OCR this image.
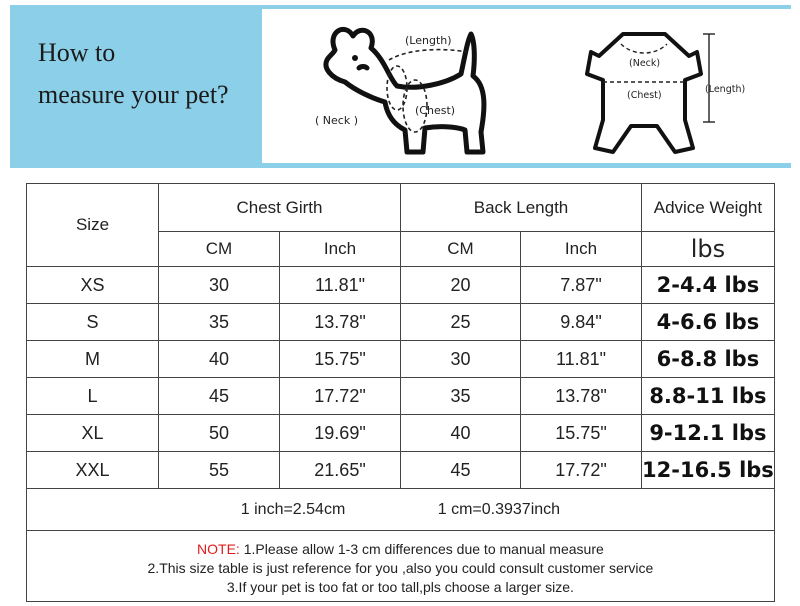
How to
measure your pet?
(Length)
(Chest)
( Neck )
(Neck)
(Chest)
(Length)
Size	Chest Girth		Back Length		Advice Weight
	CM	Inch	CM	Inch	lbs
XS	30	11.81"	20	7.87"	2-4.4 lbs
S	35	13.78"	25	9.84"	4-6.6 lbs
M	40	15.75"	30	11.81"	6-8.8 lbs
L	45	17.72"	35	13.78"	8.8-11 lbs
XL	50	19.69"	40	15.75"	9-12.1 lbs
XXL	55	21.65"	45	17.72"	12-16.5 lbs
1 inch=2.54cm 1 cm=0.3937inch					

NOTE: 1.Please allow 1-3 cm differences due to manual measure
2.This size table is just reference for you ,also you could consult customer service
3.If your pet is too fat or too tall,pls choose a larger size.					
